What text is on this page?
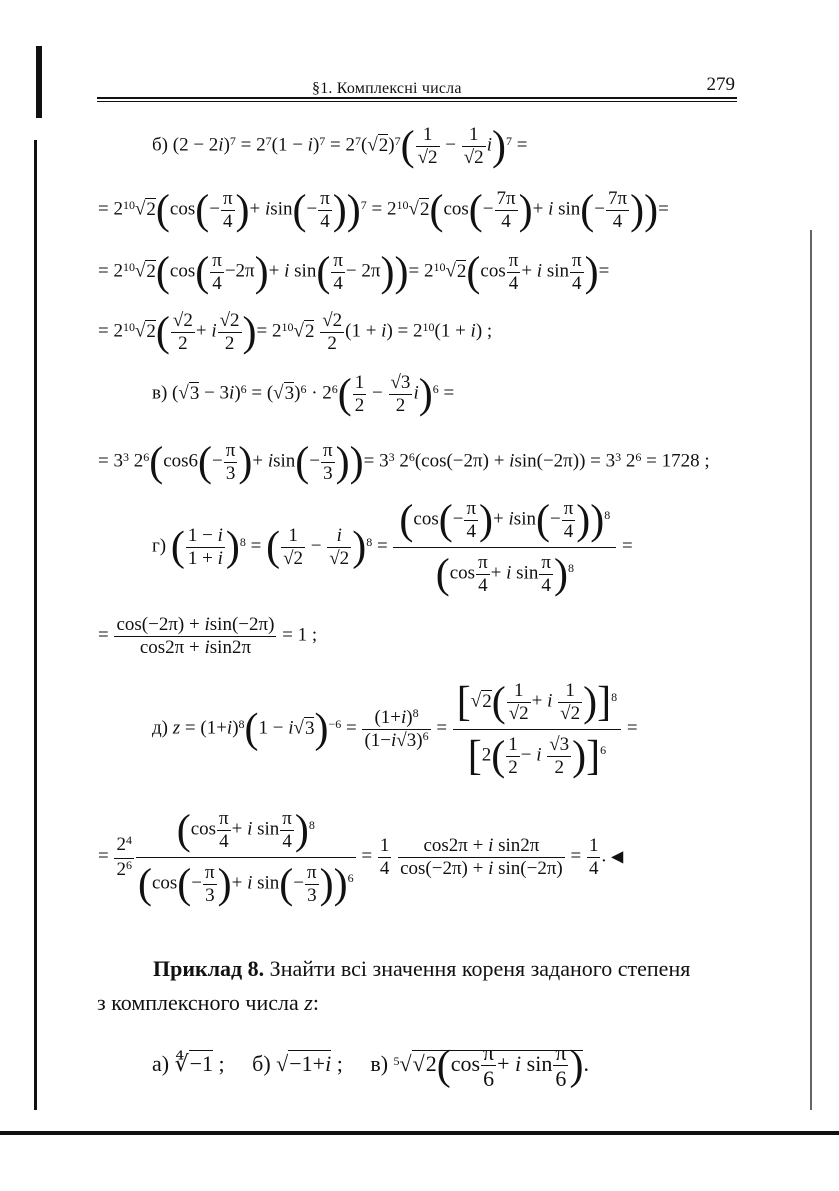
§1. Комплексні числа	279
б) $(2 - 2i)^7 = 2^7(1 - i)^7 = 2^7(√2)^7( \frac{1}{√2} - \frac{1}{√2} i)^7$ =
= $2^{10}√2(\cos(- \frac{\pi}{4}$ )+ $isin(- \frac{\pi}{4} ))^7 = 2^{10}√2(\cos(- \frac{7\pi}{4}$ )+ i $\sin(- \frac{7\pi}{4}$ ))=
= $2^{10}√2(\cos( \frac{\pi}{4} -2\pi)+ i$ $\sin( \frac{\pi}{4} - 2\pi))= 2^{10}√2(\cos \frac{\pi}{4} + i$ $\sin \frac{\pi}{4}$ )=
= $2^{10}√2( \frac{√2}{2} + i \frac{√2}{2}$ )= $2^{10}√2 \frac{√2}{2} (1 + i) = 2^{10}(1 + i)$ ;
в) $(√3 - 3i)^6 = (√3)^6 \cdot 2^6( \frac{1}{2} - \frac{√3}{2} i)^6$ =
= $3^3$ $2^6(\cos 6(- \frac{\pi}{3}$ )+ $isin(- \frac{\pi}{3}$ ))= $3^3$ $2^6(\cos(-2\pi) + isin(-2\pi)) = 3^3$ $2^6 = 1728$ ;
г) ( $\frac{1 - i}{1 + i} )^8$ = ( $\frac{1}{√2} - \frac{i}{√2} )^8 = \frac{(\cos(- \frac{\pi}{4} )+ isin(- \frac{\pi}{4} ))^8}{(\cos \frac{\pi}{4} + i \sin \frac{\pi}{4} )^8}$ =
= $\frac{\cos(-2\pi) + isin(-2\pi)}{\cos 2\pi + isin2\pi} = 1$ ;
д) $z = (1+i)^8(1 - i√3)^{-6} = \frac{(1+i)^8}{(1-i√3)^6} = \frac{[√2( \frac{1}{√2} + i \frac{1}{√2} )]^8}{[2( \frac{1}{2} - i \frac{√3}{2} )]^6}$ =
= $\frac{2^4}{2^6} \frac{(\cos \frac{\pi}{4} + i \sin \frac{\pi}{4} )^8}{(\cos(- \frac{\pi}{3} )+ i \sin(- \frac{\pi}{3} ))^6} = \frac{1}{4}$
$\frac{\text{cos2π + i sin2π}}{\text{cos(−2π) + i sin(−2π)}} = \frac{1}{4}$ . ◀
Приклад 8. Знайти всі значення кореня заданого степеня
з комплексного числа z:
а) ∜−1 ;     б) √−1+i ;     в) $^5√√2(\cos \frac{\pi}{6} + i$ $\sin \frac{\pi}{6}$ ).
